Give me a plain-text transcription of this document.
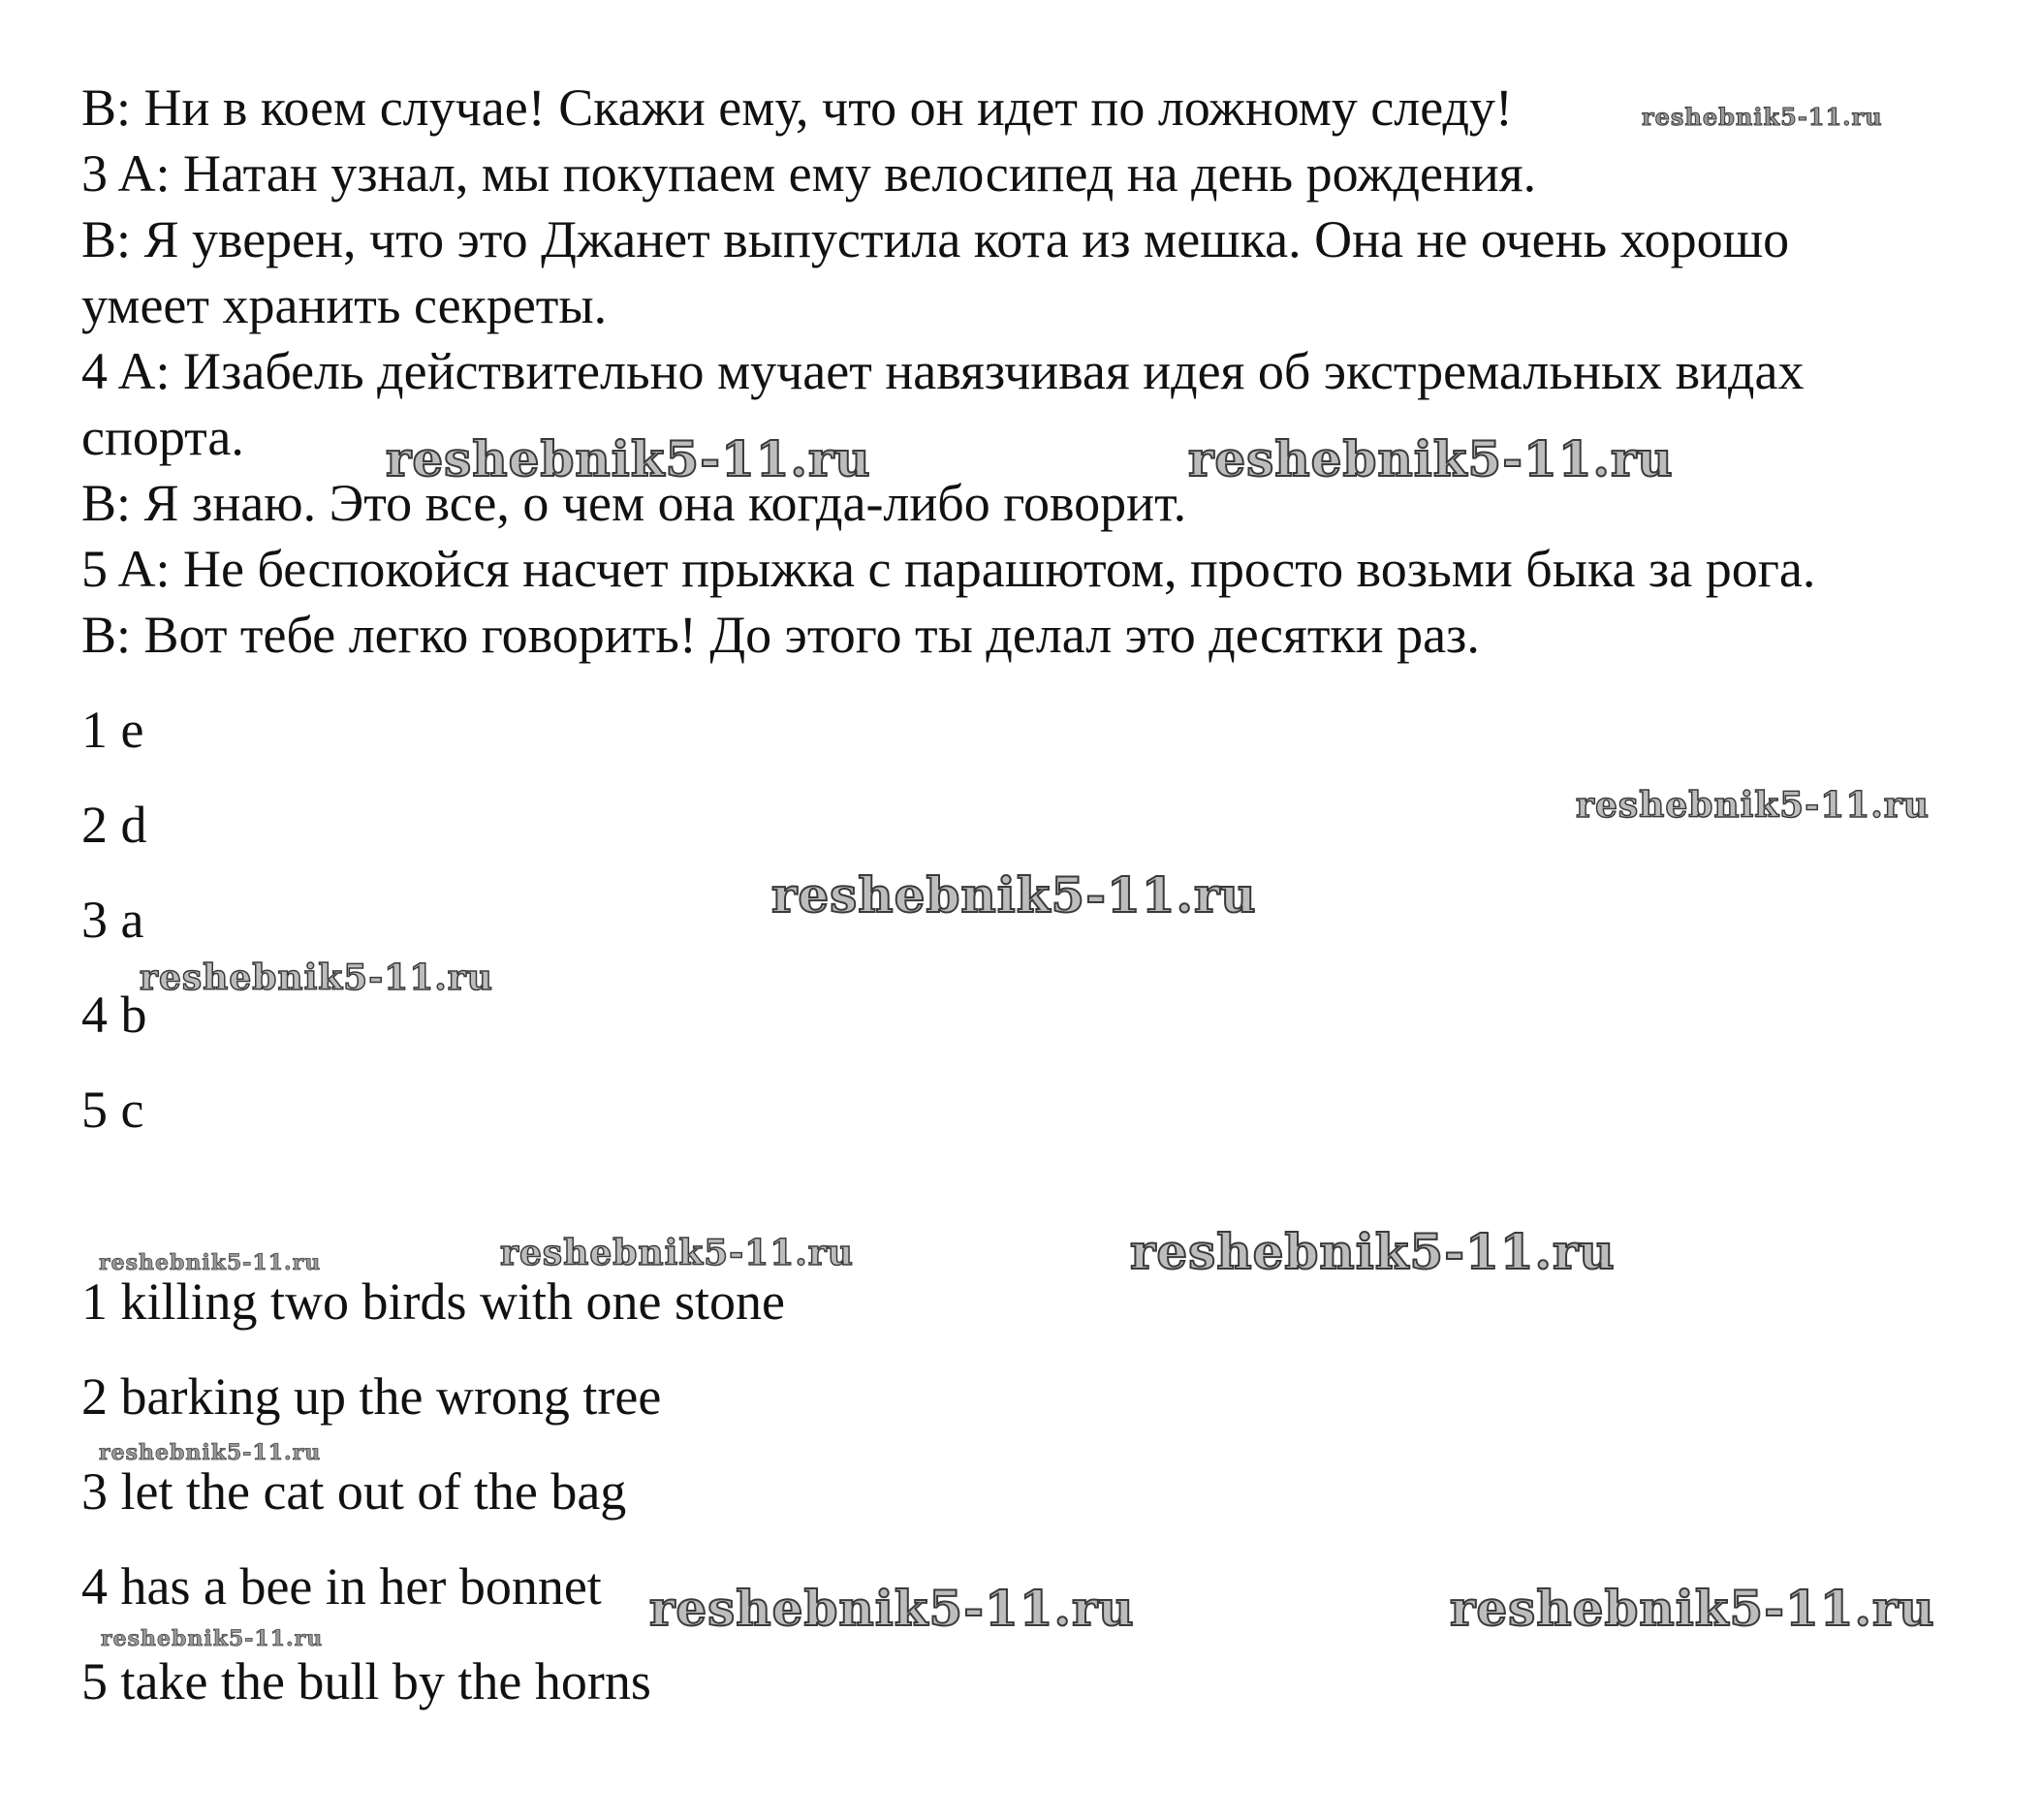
B: Ни в коем случае! Скажи ему, что он идет по ложному следу!

3 A: Натан узнал, мы покупаем ему велосипед на день рождения.

B: Я уверен, что это Джанет выпустила кота из мешка. Она не очень хорошо

умеет хранить секреты.

4 A: Изабель действительно мучает навязчивая идея об экстремальных видах

спорта.

B: Я знаю. Это все, о чем она когда-либо говорит.

5 A: Не беспокойся насчет прыжка с парашютом, просто возьми быка за рога.

B: Вот тебе легко говорить! До этого ты делал это десятки раз.

1 e

2 d

3 a

4 b

5 c

1 killing two birds with one stone

2 barking up the wrong tree

3 let the cat out of the bag

4 has a bee in her bonnet

5 take the bull by the horns

reshebnik5-11.ru
reshebnik5-11.ru	reshebnik5-11.ru
reshebnik5-11.ru
reshebnik5-11.ru
reshebnik5-11.ru
reshebnik5-11.ru	reshebnik5-11.ru	reshebnik5-11.ru
reshebnik5-11.ru
reshebnik5-11.ru	reshebnik5-11.ru
reshebnik5-11.ru
